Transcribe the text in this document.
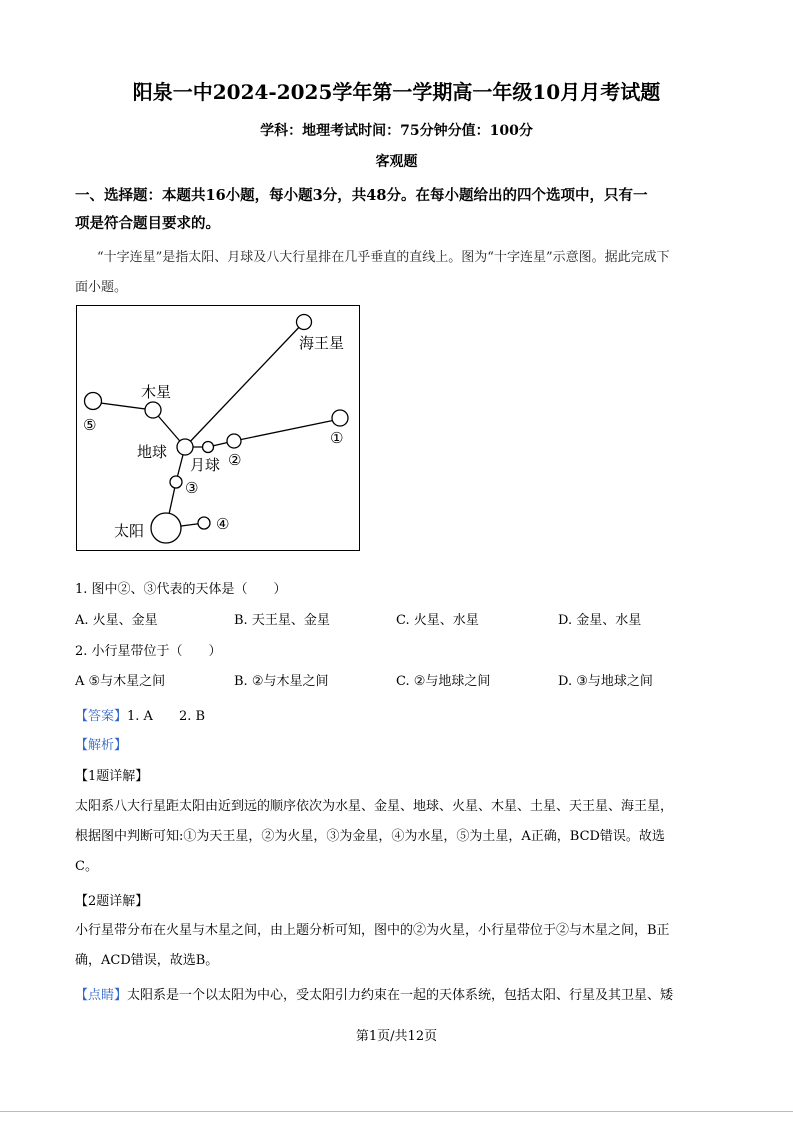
阳泉一中2024-2025学年第一学期高一年级10月月考试题
学科：地理考试时间：75分钟分值：100分
客观题
一、选择题：本题共16小题，每小题3分，共48分。在每小题给出的四个选项中，只有一
项是符合题目要求的。
“十字连星”是指太阳、月球及八大行星排在几乎垂直的直线上。图为“十字连星”示意图。据此完成下
面小题。
海王星
木星
地球
月球
太阳
⑤
①
②
③
④
1. 图中②、③代表的天体是（　　）
A. 火星、金星	B. 天王星、金星	C. 火星、水星	D. 金星、水星
2. 小行星带位于（　　）
A ⑤与木星之间	B. ②与木星之间	C. ②与地球之间	D. ③与地球之间
【答案】1. A　　2. B
【解析】
【1题详解】
太阳系八大行星距太阳由近到远的顺序依次为水星、金星、地球、火星、木星、土星、天王星、海王星，
根据图中判断可知:①为天王星，②为火星，③为金星，④为水星，⑤为土星，A正确，BCD错误。故选
C。
【2题详解】
小行星带分布在火星与木星之间，由上题分析可知，图中的②为火星，小行星带位于②与木星之间，B正
确，ACD错误，故选B。
【点睛】太阳系是一个以太阳为中心，受太阳引力约束在一起的天体系统，包括太阳、行星及其卫星、矮
第1页/共12页
